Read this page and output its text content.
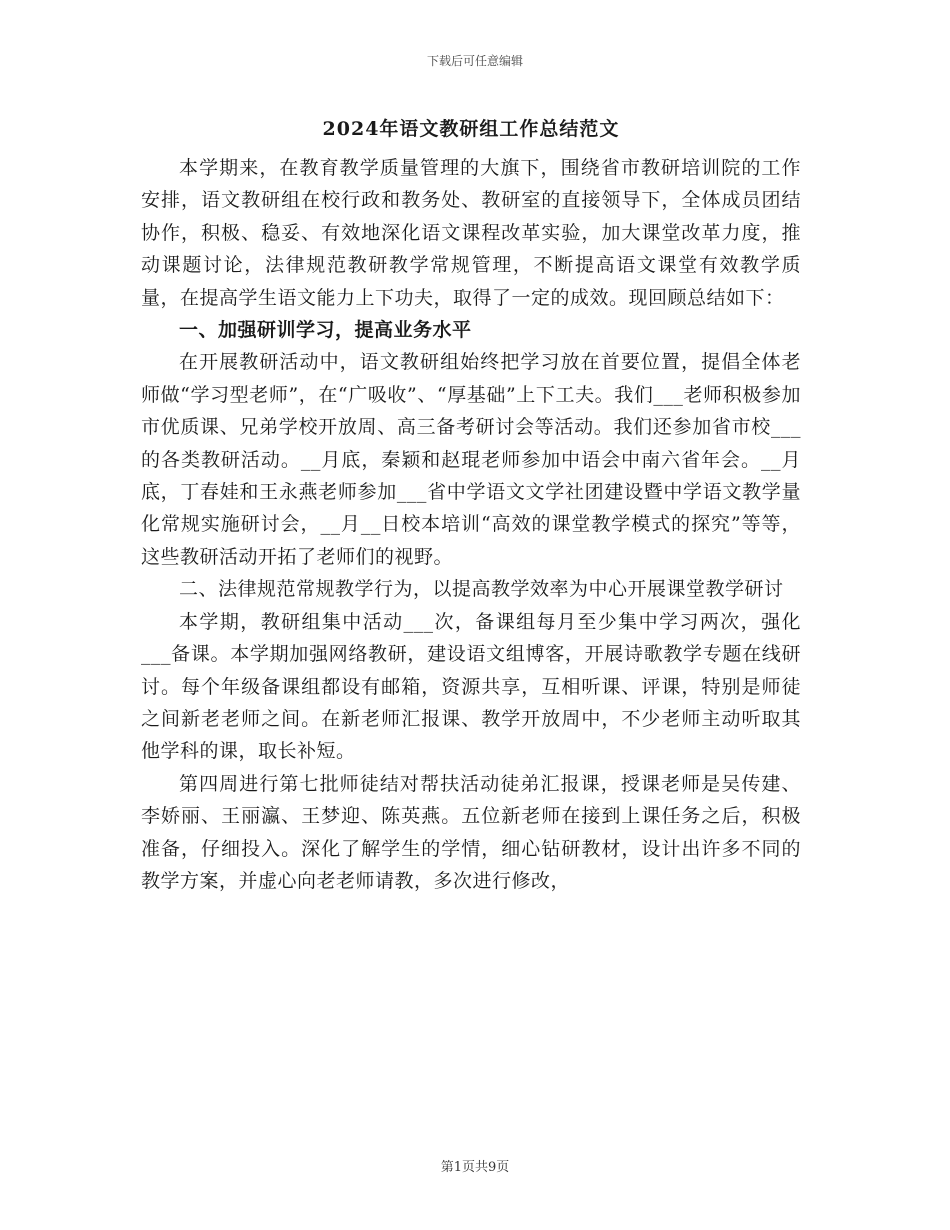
下载后可任意编辑
2024年语文教研组工作总结范文

本学期来，在教育教学质量管理的大旗下，围绕省市教研培训院的工作安排，语文教研组在校行政和教务处、教研室的直接领导下，全体成员团结协作，积极、稳妥、有效地深化语文课程改革实验，加大课堂改革力度，推动课题讨论，法律规范教研教学常规管理，不断提高语文课堂有效教学质量，在提高学生语文能力上下功夫，取得了一定的成效。现回顾总结如下：

一、加强研训学习，提高业务水平

在开展教研活动中，语文教研组始终把学习放在首要位置，提倡全体老师做“学习型老师”，在“广吸收”、“厚基础”上下工夫。我们___老师积极参加市优质课、兄弟学校开放周、高三备考研讨会等活动。我们还参加省市校___的各类教研活动。__月底，秦颖和赵琨老师参加中语会中南六省年会。__月底，丁春娃和王永燕老师参加___省中学语文文学社团建设暨中学语文教学量化常规实施研讨会，__月__日校本培训“高效的课堂教学模式的探究”等等，这些教研活动开拓了老师们的视野。

二、法律规范常规教学行为，以提高教学效率为中心开展课堂教学研讨

本学期，教研组集中活动___次，备课组每月至少集中学习两次，强化___备课。本学期加强网络教研，建设语文组博客，开展诗歌教学专题在线研讨。每个年级备课组都设有邮箱，资源共享，互相听课、评课，特别是师徒之间新老老师之间。在新老师汇报课、教学开放周中，不少老师主动听取其他学科的课，取长补短。

第四周进行第七批师徒结对帮扶活动徒弟汇报课，授课老师是吴传建、李娇丽、王丽瀛、王梦迎、陈英燕。五位新老师在接到上课任务之后，积极准备，仔细投入。深化了解学生的学情，细心钻研教材，设计出许多不同的教学方案，并虚心向老老师请教，多次进行修改，

第1页共9页
